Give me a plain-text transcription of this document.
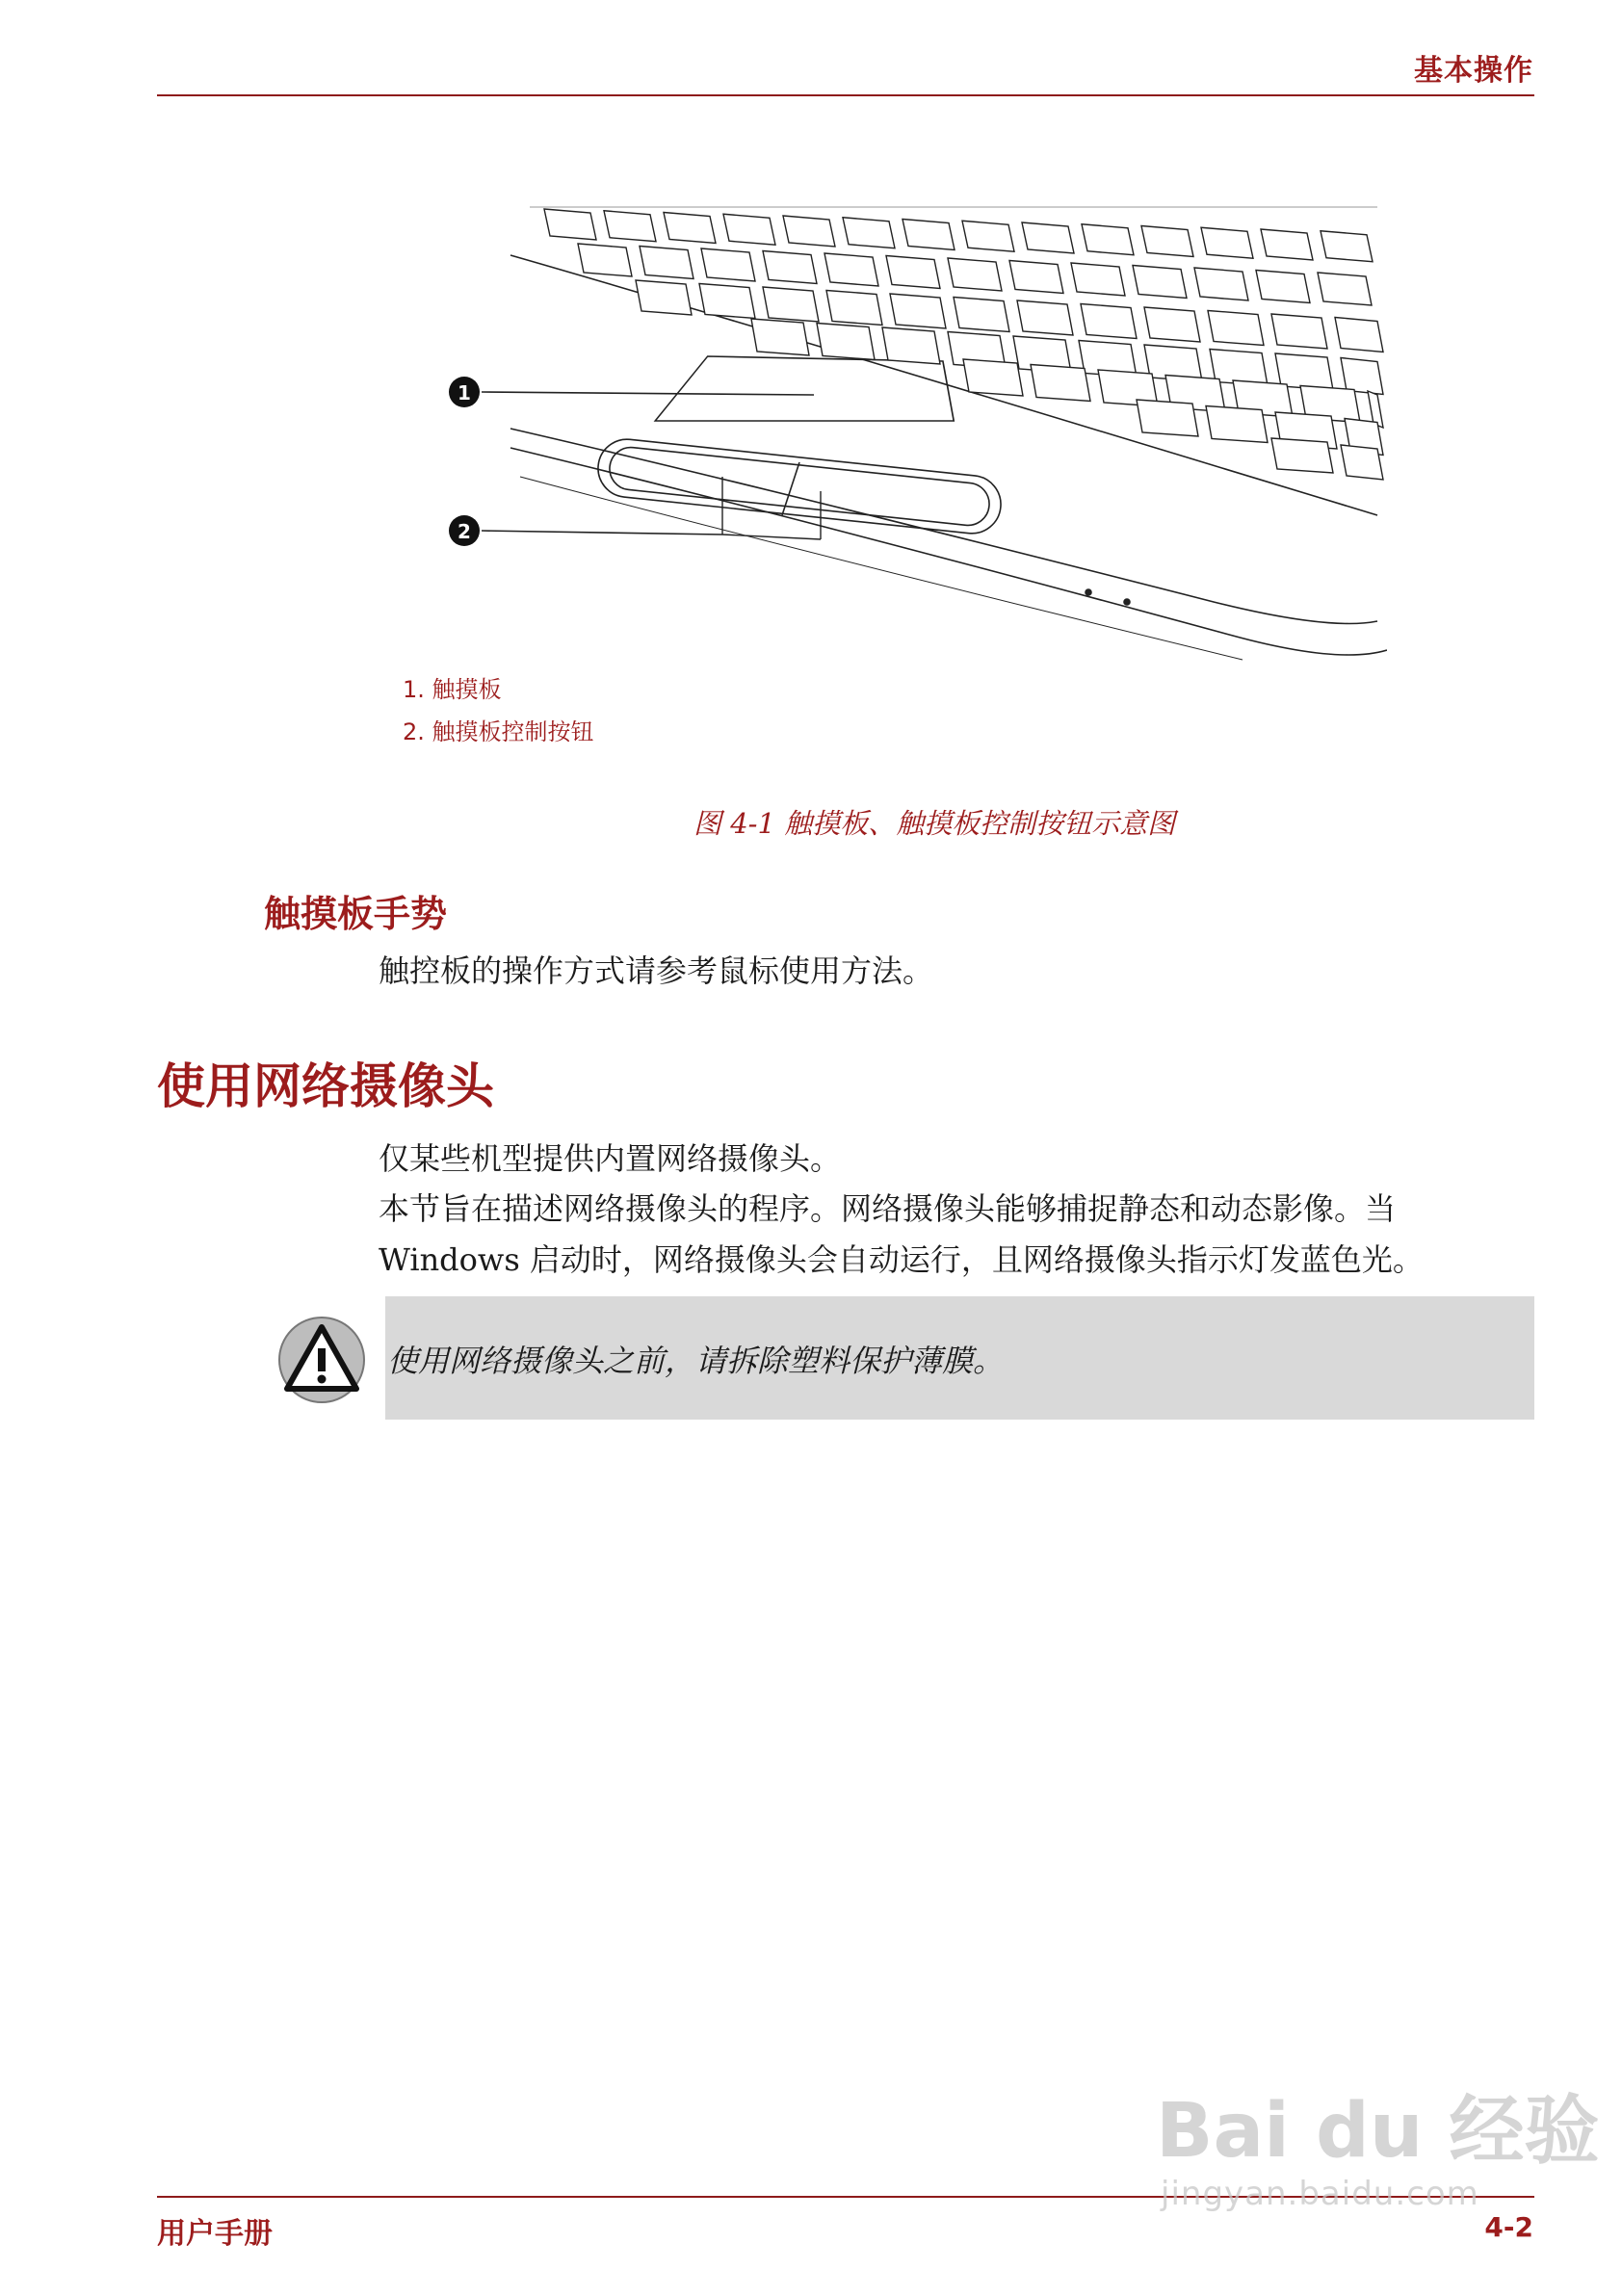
基本操作
1
2
1. 触摸板
2. 触摸板控制按钮
图 4-1 触摸板、触摸板控制按钮示意图
触摸板手势
触控板的操作方式请参考鼠标使用方法。
使用网络摄像头
仅某些机型提供内置网络摄像头。
本节旨在描述网络摄像头的程序。网络摄像头能够捕捉静态和动态影像。当
Windows 启动时，网络摄像头会自动运行，且网络摄像头指示灯发蓝色光。
使用网络摄像头之前，请拆除塑料保护薄膜。
用户手册	4-2
Bai du 经验
jingyan.baidu.com
